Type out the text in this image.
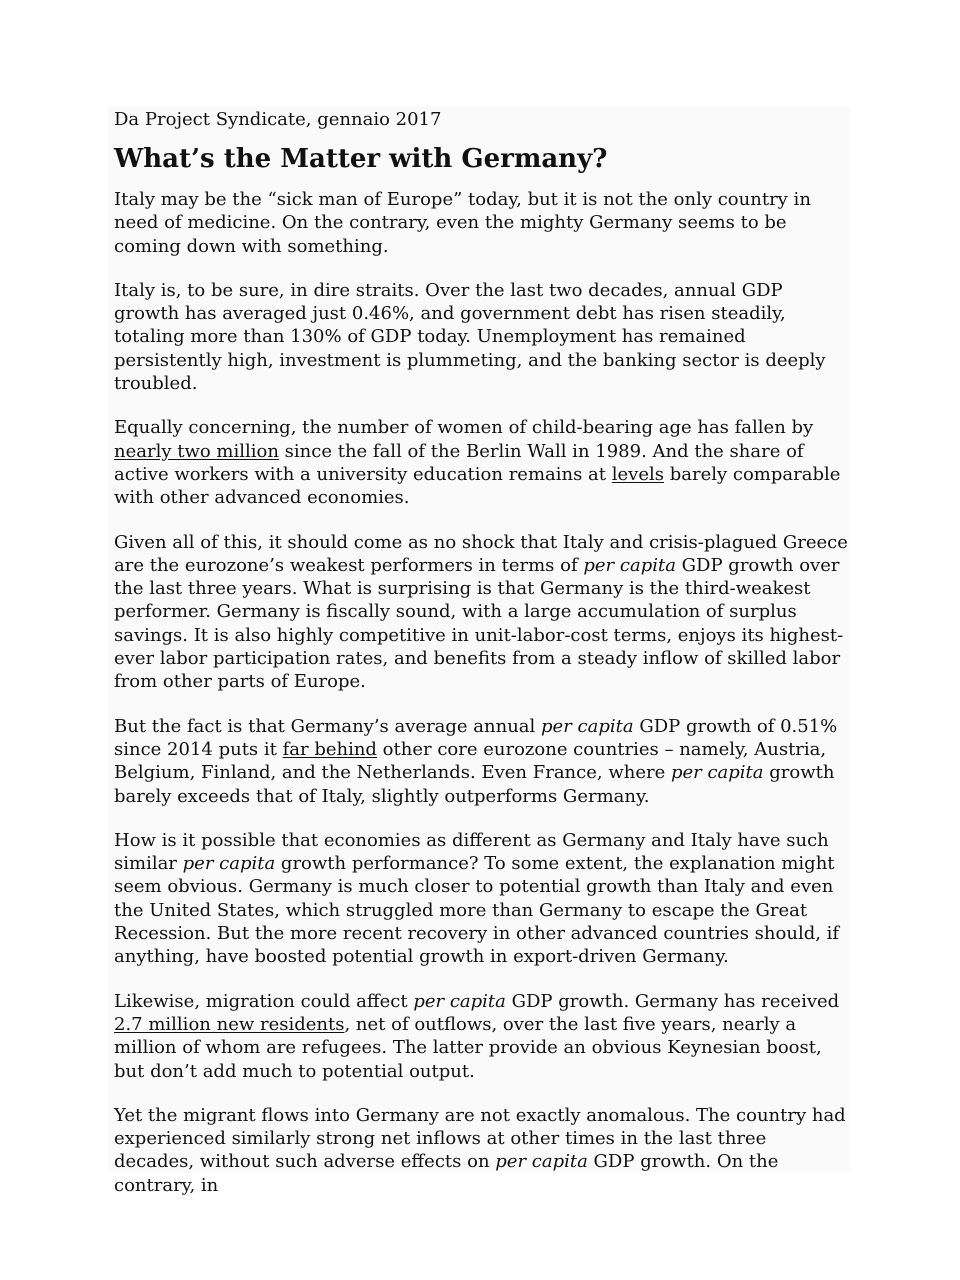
Da Project Syndicate, gennaio 2017

What’s the Matter with Germany?

Italy may be the “sick man of Europe” today, but it is not the only country in need of medicine. On the contrary, even the mighty Germany seems to be coming down with something.

Italy is, to be sure, in dire straits. Over the last two decades, annual GDP growth has averaged just 0.46%, and government debt has risen steadily, totaling more than 130% of GDP today. Unemployment has remained persistently high, investment is plummeting, and the banking sector is deeply troubled.

Equally concerning, the number of women of child-bearing age has fallen by nearly two million since the fall of the Berlin Wall in 1989. And the share of active workers with a university education remains at levels barely comparable with other advanced economies.

Given all of this, it should come as no shock that Italy and crisis-plagued Greece are the eurozone’s weakest performers in terms of per capita GDP growth over the last three years. What is surprising is that Germany is the third-weakest performer. Germany is fiscally sound, with a large accumulation of surplus savings. It is also highly competitive in unit-labor-cost terms, enjoys its highest-ever labor participation rates, and benefits from a steady inflow of skilled labor from other parts of Europe.

But the fact is that Germany’s average annual per capita GDP growth of 0.51% since 2014 puts it far behind other core eurozone countries – namely, Austria, Belgium, Finland, and the Netherlands. Even France, where per capita growth barely exceeds that of Italy, slightly outperforms Germany.

How is it possible that economies as different as Germany and Italy have such similar per capita growth performance? To some extent, the explanation might seem obvious. Germany is much closer to potential growth than Italy and even the United States, which struggled more than Germany to escape the Great Recession. But the more recent recovery in other advanced countries should, if anything, have boosted potential growth in export-driven Germany.

Likewise, migration could affect per capita GDP growth. Germany has received 2.7 million new residents, net of outflows, over the last five years, nearly a million of whom are refugees. The latter provide an obvious Keynesian boost, but don’t add much to potential output.

Yet the migrant flows into Germany are not exactly anomalous. The country had experienced similarly strong net inflows at other times in the last three decades, without such adverse effects on per capita GDP growth. On the contrary, in
